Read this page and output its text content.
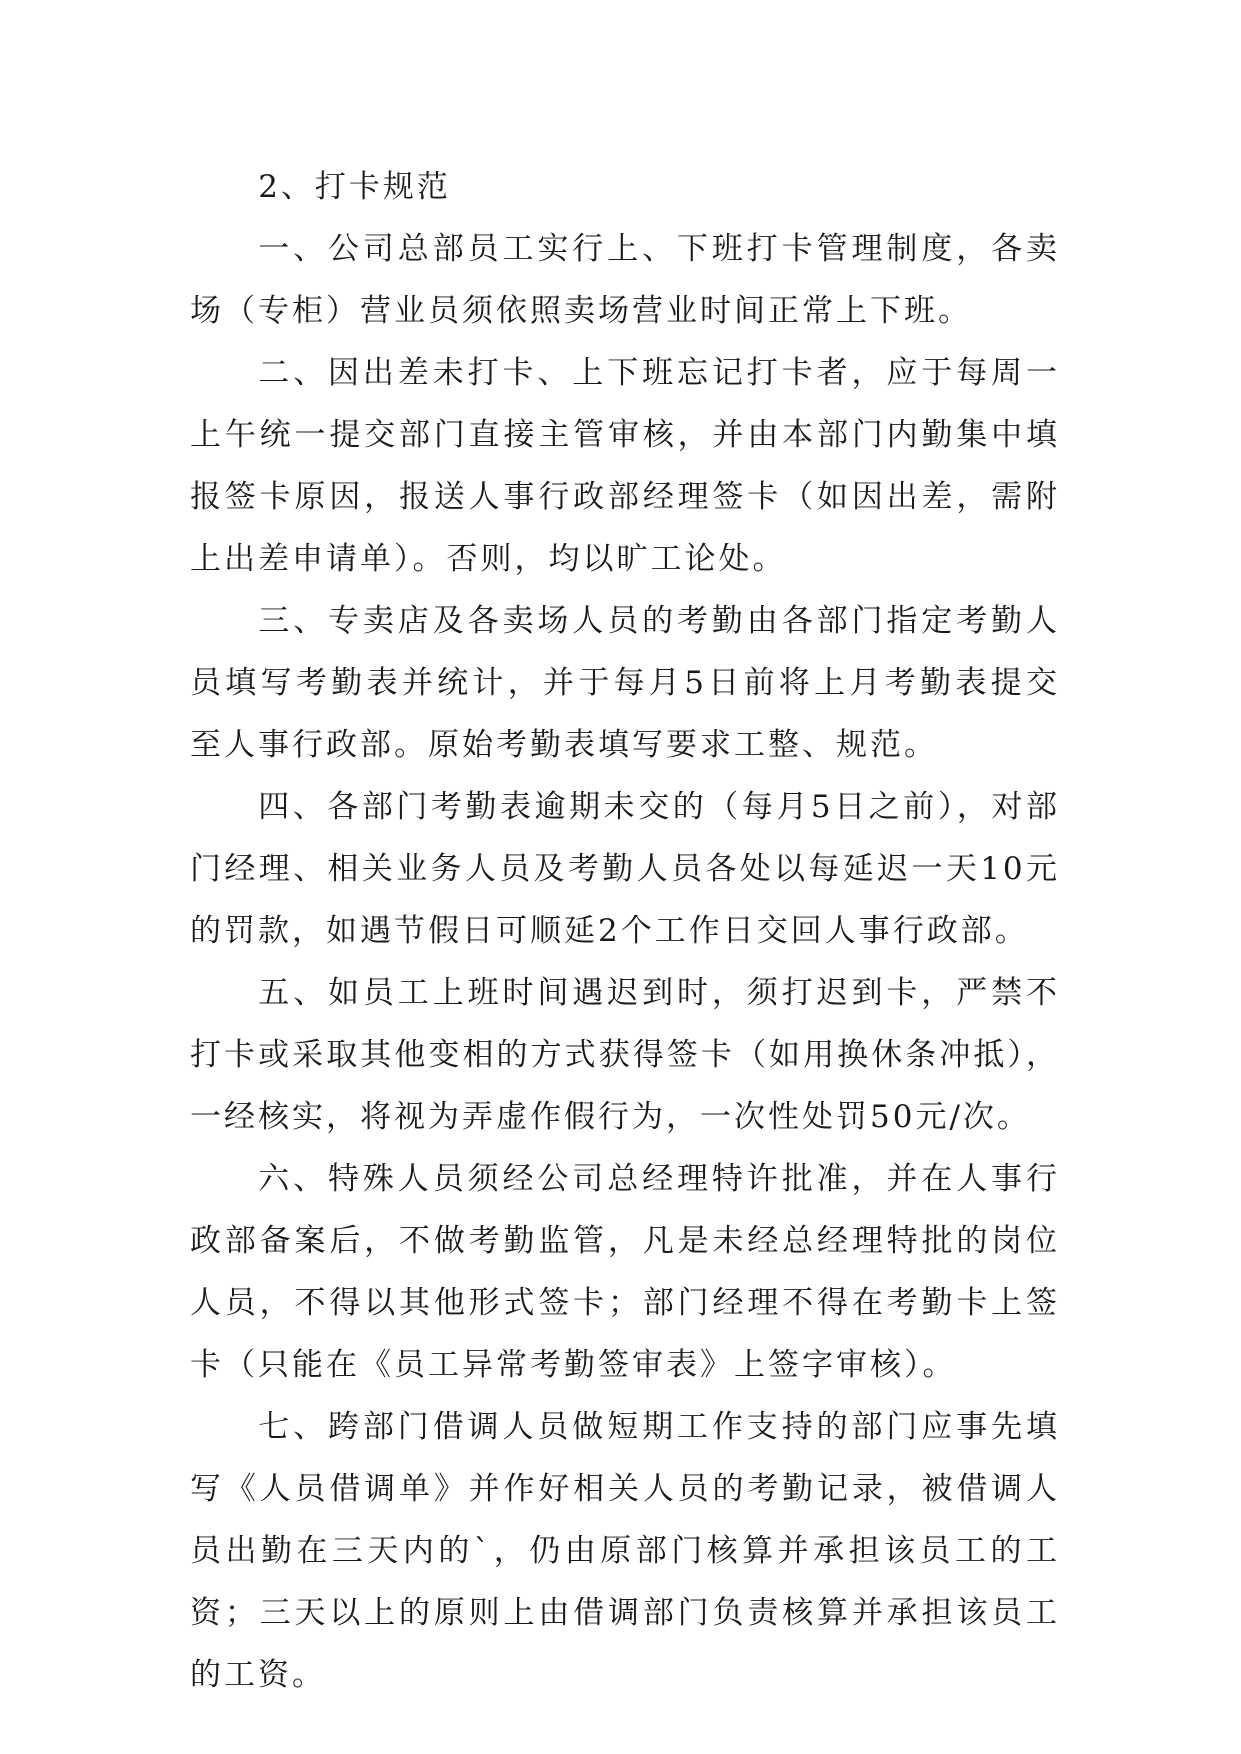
2、打卡规范

一、公司总部员工实行上、下班打卡管理制度，各卖场（专柜）营业员须依照卖场营业时间正常上下班。

二、因出差未打卡、上下班忘记打卡者，应于每周一上午统一提交部门直接主管审核，并由本部门内勤集中填报签卡原因，报送人事行政部经理签卡（如因出差，需附上出差申请单）。否则，均以旷工论处。

三、专卖店及各卖场人员的考勤由各部门指定考勤人员填写考勤表并统计，并于每月5日前将上月考勤表提交至人事行政部。原始考勤表填写要求工整、规范。

四、各部门考勤表逾期未交的（每月5日之前），对部门经理、相关业务人员及考勤人员各处以每延迟一天10元的罚款，如遇节假日可顺延2个工作日交回人事行政部。

五、如员工上班时间遇迟到时，须打迟到卡，严禁不打卡或采取其他变相的方式获得签卡（如用换休条冲抵），一经核实，将视为弄虚作假行为，一次性处罚50元/次。

六、特殊人员须经公司总经理特许批准，并在人事行政部备案后，不做考勤监管，凡是未经总经理特批的岗位人员，不得以其他形式签卡；部门经理不得在考勤卡上签卡（只能在《员工异常考勤签审表》上签字审核）。

七、跨部门借调人员做短期工作支持的部门应事先填写《人员借调单》并作好相关人员的考勤记录，被借调人员出勤在三天内的`，仍由原部门核算并承担该员工的工资；三天以上的原则上由借调部门负责核算并承担该员工的工资。
